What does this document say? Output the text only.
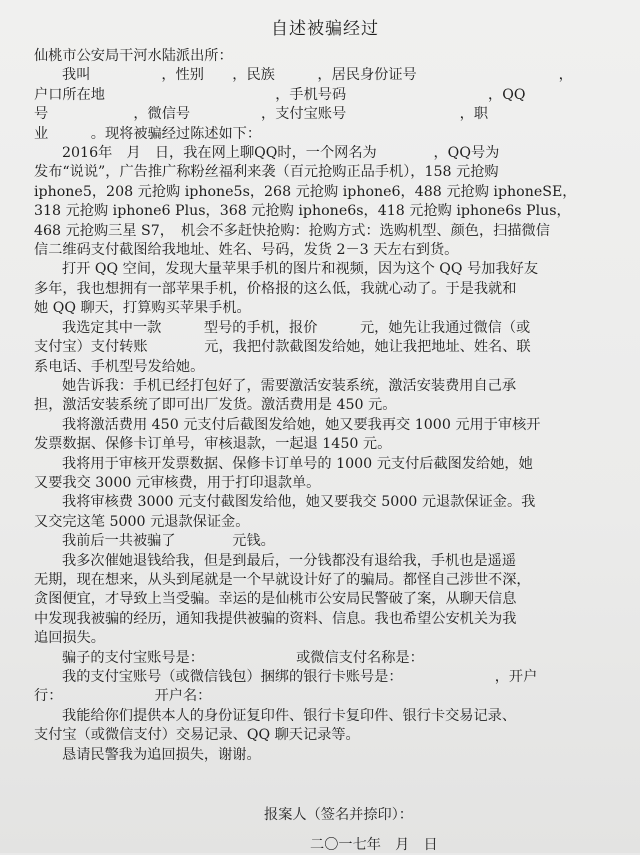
自述被骗经过
仙桃市公安局干河水陆派出所：
我叫　　　　　，性别　　，民族　　　，居民身份证号　　　　　　　　　　，
户口所在地　　　　　　　　　　　　，手机号码　　　　　　　　　　，QQ
号　　　　　　，微信号　　　　　，支付宝账号　　　　　　　　，职
业　　　。现将被骗经过陈述如下：
2016年　月　日，我在网上聊QQ时，一个网名为　　　　，QQ号为
发布“说说”，广告推广称粉丝福利来袭（百元抢购正品手机），158 元抢购
iphone5，208 元抢购 iphone5s，268 元抢购 iphone6，488 元抢购 iphoneSE，
318 元抢购 iphone6 Plus，368 元抢购 iphone6s，418 元抢购 iphone6s Plus，
468 元抢购三星 S7，　机会不多赶快抢购：抢购方式：选购机型、颜色，扫描微信
信二维码支付截图给我地址、姓名、号码，发货 2－3 天左右到货。
打开 QQ 空间，发现大量苹果手机的图片和视频，因为这个 QQ 号加我好友
多年，我也想拥有一部苹果手机，价格报的这么低，我就心动了。于是我就和
她 QQ 聊天，打算购买苹果手机。
我选定其中一款　　　型号的手机，报价　　　元，她先让我通过微信（或
支付宝）支付转账　　　　元，我把付款截图发给她，她让我把地址、姓名、联
系电话、手机型号发给她。
她告诉我：手机已经打包好了，需要激活安装系统，激活安装费用自己承
担，激活安装系统了即可出厂发货。激活费用是 450 元。
我将激活费用 450 元支付后截图发给她，她又要我再交 1000 元用于审核开
发票数据、保修卡订单号，审核退款，一起退 1450 元。
我将用于审核开发票数据、保修卡订单号的 1000 元支付后截图发给她，她
又要我交 3000 元审核费，用于打印退款单。
我将审核费 3000 元支付截图发给他，她又要我交 5000 元退款保证金。我
又交完这笔 5000 元退款保证金。
我前后一共被骗了　　　　元钱。
我多次催她退钱给我，但是到最后，一分钱都没有退给我，手机也是遥遥
无期，现在想来，从头到尾就是一个早就设计好了的骗局。都怪自己涉世不深，
贪图便宜，才导致上当受骗。幸运的是仙桃市公安局民警破了案，从聊天信息
中发现我被骗的经历，通知我提供被骗的资料、信息。我也希望公安机关为我
追回损失。
骗子的支付宝账号是：　　　　　　　或微信支付名称是：
我的支付宝账号（或微信钱包）捆绑的银行卡账号是：　　　　　　　，开户
行：　　　　　　　开户名：
我能给你们提供本人的身份证复印件、银行卡复印件、银行卡交易记录、
支付宝（或微信支付）交易记录、QQ 聊天记录等。
恳请民警我为追回损失，谢谢。
报案人（签名并捺印）：
二〇一七年　月　日
